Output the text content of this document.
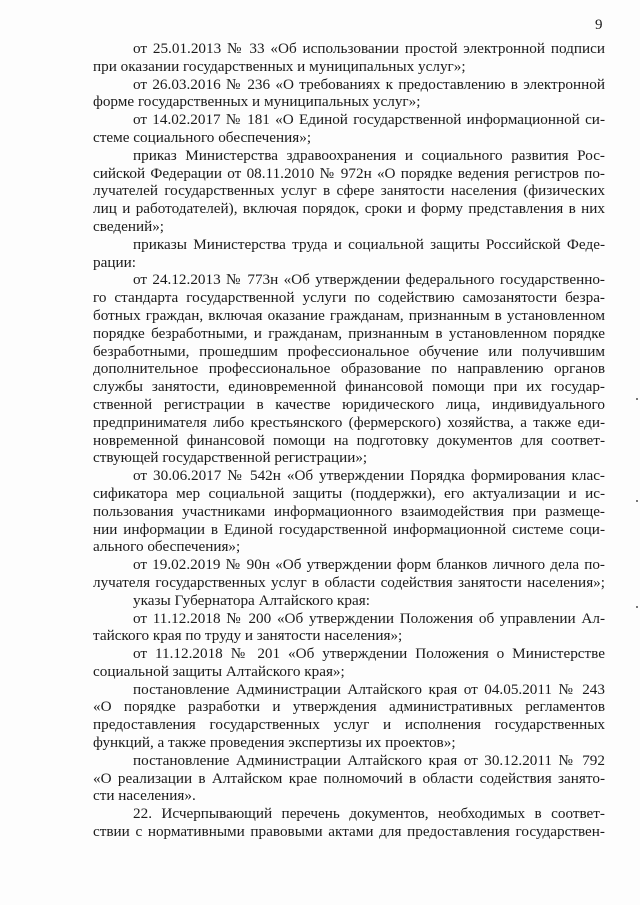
9
от 25.01.2013 № 33 «Об использовании простой электронной подписи
при оказании государственных и муниципальных услуг»;
от 26.03.2016 № 236 «О требованиях к предоставлению в электронной
форме государственных и муниципальных услуг»;
от 14.02.2017 № 181 «О Единой государственной информационной си-
стеме социального обеспечения»;
приказ Министерства здравоохранения и социального развития Рос-
сийской Федерации от 08.11.2010 № 972н «О порядке ведения регистров по-
лучателей государственных услуг в сфере занятости населения (физических
лиц и работодателей), включая порядок, сроки и форму представления в них
сведений»;
приказы Министерства труда и социальной защиты Российской Феде-
рации:
от 24.12.2013 № 773н «Об утверждении федерального государственно-
го стандарта государственной услуги по содействию самозанятости безра-
ботных граждан, включая оказание гражданам, признанным в установленном
порядке безработными, и гражданам, признанным в установленном порядке
безработными, прошедшим профессиональное обучение или получившим
дополнительное профессиональное образование по направлению органов
службы занятости, единовременной финансовой помощи при их государ-
ственной регистрации в качестве юридического лица, индивидуального
предпринимателя либо крестьянского (фермерского) хозяйства, а также еди-
новременной финансовой помощи на подготовку документов для соответ-
ствующей государственной регистрации»;
от 30.06.2017 № 542н «Об утверждении Порядка формирования клас-
сификатора мер социальной защиты (поддержки), его актуализации и ис-
пользования участниками информационного взаимодействия при размеще-
нии информации в Единой государственной информационной системе соци-
ального обеспечения»;
от 19.02.2019 № 90н «Об утверждении форм бланков личного дела по-
лучателя государственных услуг в области содействия занятости населения»;
указы Губернатора Алтайского края:
от 11.12.2018 № 200 «Об утверждении Положения об управлении Ал-
тайского края по труду и занятости населения»;
от 11.12.2018 № 201 «Об утверждении Положения о Министерстве
социальной защиты Алтайского края»;
постановление Администрации Алтайского края от 04.05.2011 № 243
«О порядке разработки и утверждения административных регламентов
предоставления государственных услуг и исполнения государственных
функций, а также проведения экспертизы их проектов»;
постановление Администрации Алтайского края от 30.12.2011 № 792
«О реализации в Алтайском крае полномочий в области содействия занято-
сти населения».
22. Исчерпывающий перечень документов, необходимых в соответ-
ствии с нормативными правовыми актами для предоставления государствен-
